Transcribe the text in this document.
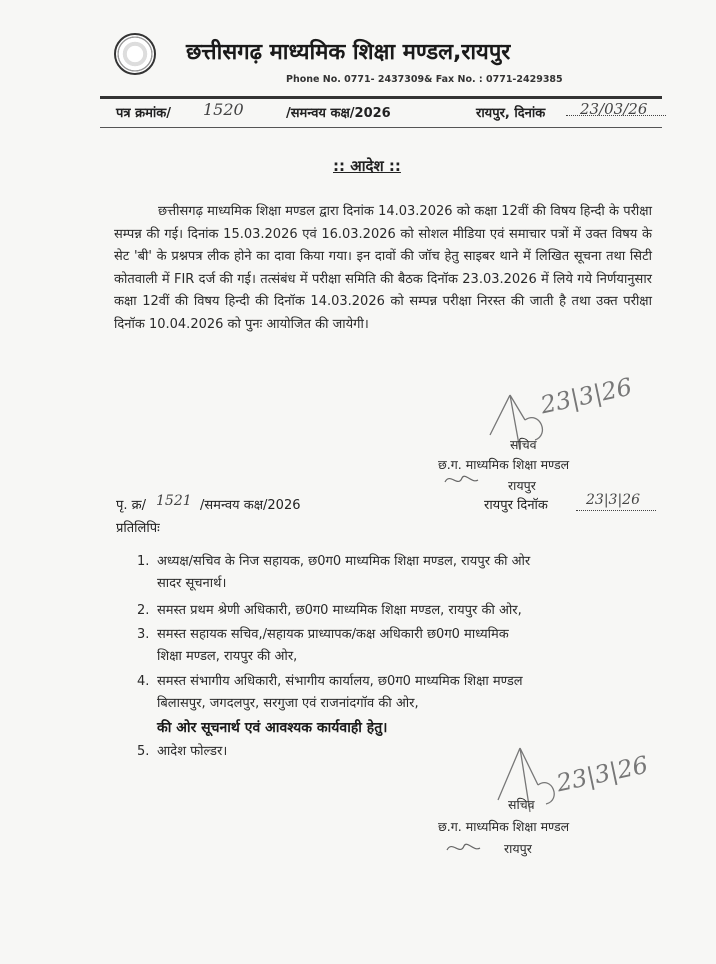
छत्तीसगढ़ माध्यमिक शिक्षा मण्डल,रायपुर
Phone No. 0771- 2437309& Fax No. : 0771-2429385
पत्र क्रमांक/ 1520	/समन्वय कक्ष/2026	रायपुर, दिनांक 23/03/26
:: आदेश ::
छत्तीसगढ़ माध्यमिक शिक्षा मण्डल द्वारा दिनांक 14.03.2026 को कक्षा 12वीं की विषय हिन्दी के परीक्षा सम्पन्न की गई। दिनांक 15.03.2026 एवं 16.03.2026 को सोशल मीडिया एवं समाचार पत्रों में उक्त विषय के सेट 'बी' के प्रश्नपत्र लीक होने का दावा किया गया। इन दावों की जॉच हेतु साइबर थाने में लिखित सूचना तथा सिटी कोतवाली में FIR दर्ज की गई। तत्संबंध में परीक्षा समिति की बैठक दिनॉक 23.03.2026 में लिये गये निर्णयानुसार कक्षा 12वीं की विषय हिन्दी की दिनॉक 14.03.2026 को सम्पन्न परीक्षा निरस्त की जाती है तथा उक्त परीक्षा दिनॉक 10.04.2026 को पुनः आयोजित की जायेगी।
23|3|26
सचिव
छ.ग. माध्यमिक शिक्षा मण्डल
रायपुर
पृ. क्र/ 1521 /समन्वय कक्ष/2026	रायपुर दिनॉक	23|3|26
प्रतिलिपिः
1. अध्यक्ष/सचिव के निज सहायक, छ0ग0 माध्यमिक शिक्षा मण्डल, रायपुर की ओर
सादर सूचनार्थ।
2. समस्त प्रथम श्रेणी अधिकारी, छ0ग0 माध्यमिक शिक्षा मण्डल, रायपुर की ओर,
3. समस्त सहायक सचिव,/सहायक प्राध्यापक/कक्ष अधिकारी छ0ग0 माध्यमिक
शिक्षा मण्डल, रायपुर की ओर,
4. समस्त संभागीय अधिकारी, संभागीय कार्यालय, छ0ग0 माध्यमिक शिक्षा मण्डल
बिलासपुर, जगदलपुर, सरगुजा एवं राजनांदगॉव की ओर,
की ओर सूचनार्थ एवं आवश्यक कार्यवाही हेतु।
5. आदेश फोल्डर।	23|3|26
सचिव
छ.ग. माध्यमिक शिक्षा मण्डल
रायपुर
